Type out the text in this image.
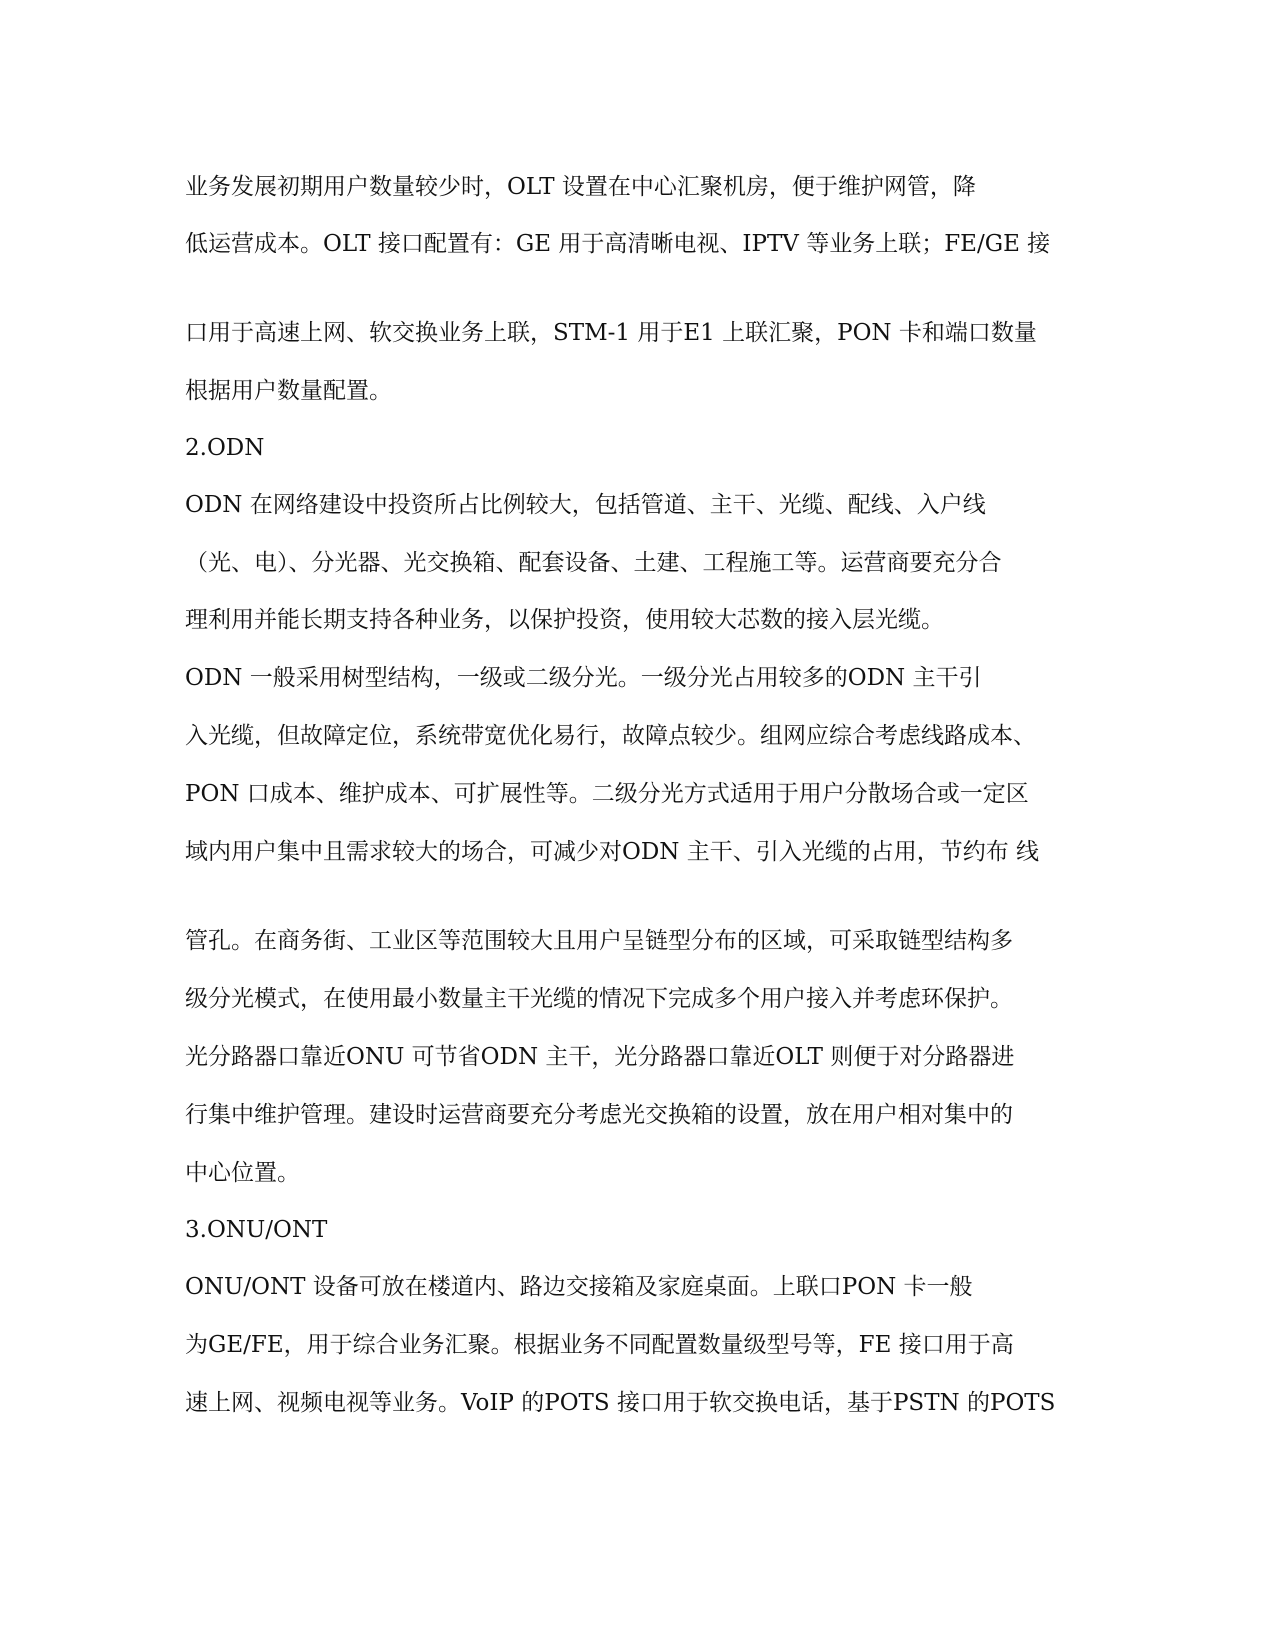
业务发展初期用户数量较少时，OLT 设置在中心汇聚机房，便于维护网管，降
低运营成本。OLT 接口配置有：GE 用于高清晰电视、IPTV 等业务上联；FE/GE 接
口用于高速上网、软交换业务上联，STM-1 用于E1 上联汇聚，PON 卡和端口数量
根据用户数量配置。
2.ODN
ODN 在网络建设中投资所占比例较大，包括管道、主干、光缆、配线、入户线
（光、电）、分光器、光交换箱、配套设备、土建、工程施工等。运营商要充分合
理利用并能长期支持各种业务，以保护投资，使用较大芯数的接入层光缆。
ODN 一般采用树型结构，一级或二级分光。一级分光占用较多的ODN 主干引
入光缆，但故障定位，系统带宽优化易行，故障点较少。组网应综合考虑线路成本、
PON 口成本、维护成本、可扩展性等。二级分光方式适用于用户分散场合或一定区
域内用户集中且需求较大的场合，可减少对ODN 主干、引入光缆的占用，节约布 线
管孔。在商务街、工业区等范围较大且用户呈链型分布的区域，可采取链型结构多
级分光模式，在使用最小数量主干光缆的情况下完成多个用户接入并考虑环保护。
光分路器口靠近ONU 可节省ODN 主干，光分路器口靠近OLT 则便于对分路器进
行集中维护管理。建设时运营商要充分考虑光交换箱的设置，放在用户相对集中的
中心位置。
3.ONU/ONT
ONU/ONT 设备可放在楼道内、路边交接箱及家庭桌面。上联口PON 卡一般
为GE/FE，用于综合业务汇聚。根据业务不同配置数量级型号等，FE 接口用于高
速上网、视频电视等业务。VoIP 的POTS 接口用于软交换电话，基于PSTN 的POTS
